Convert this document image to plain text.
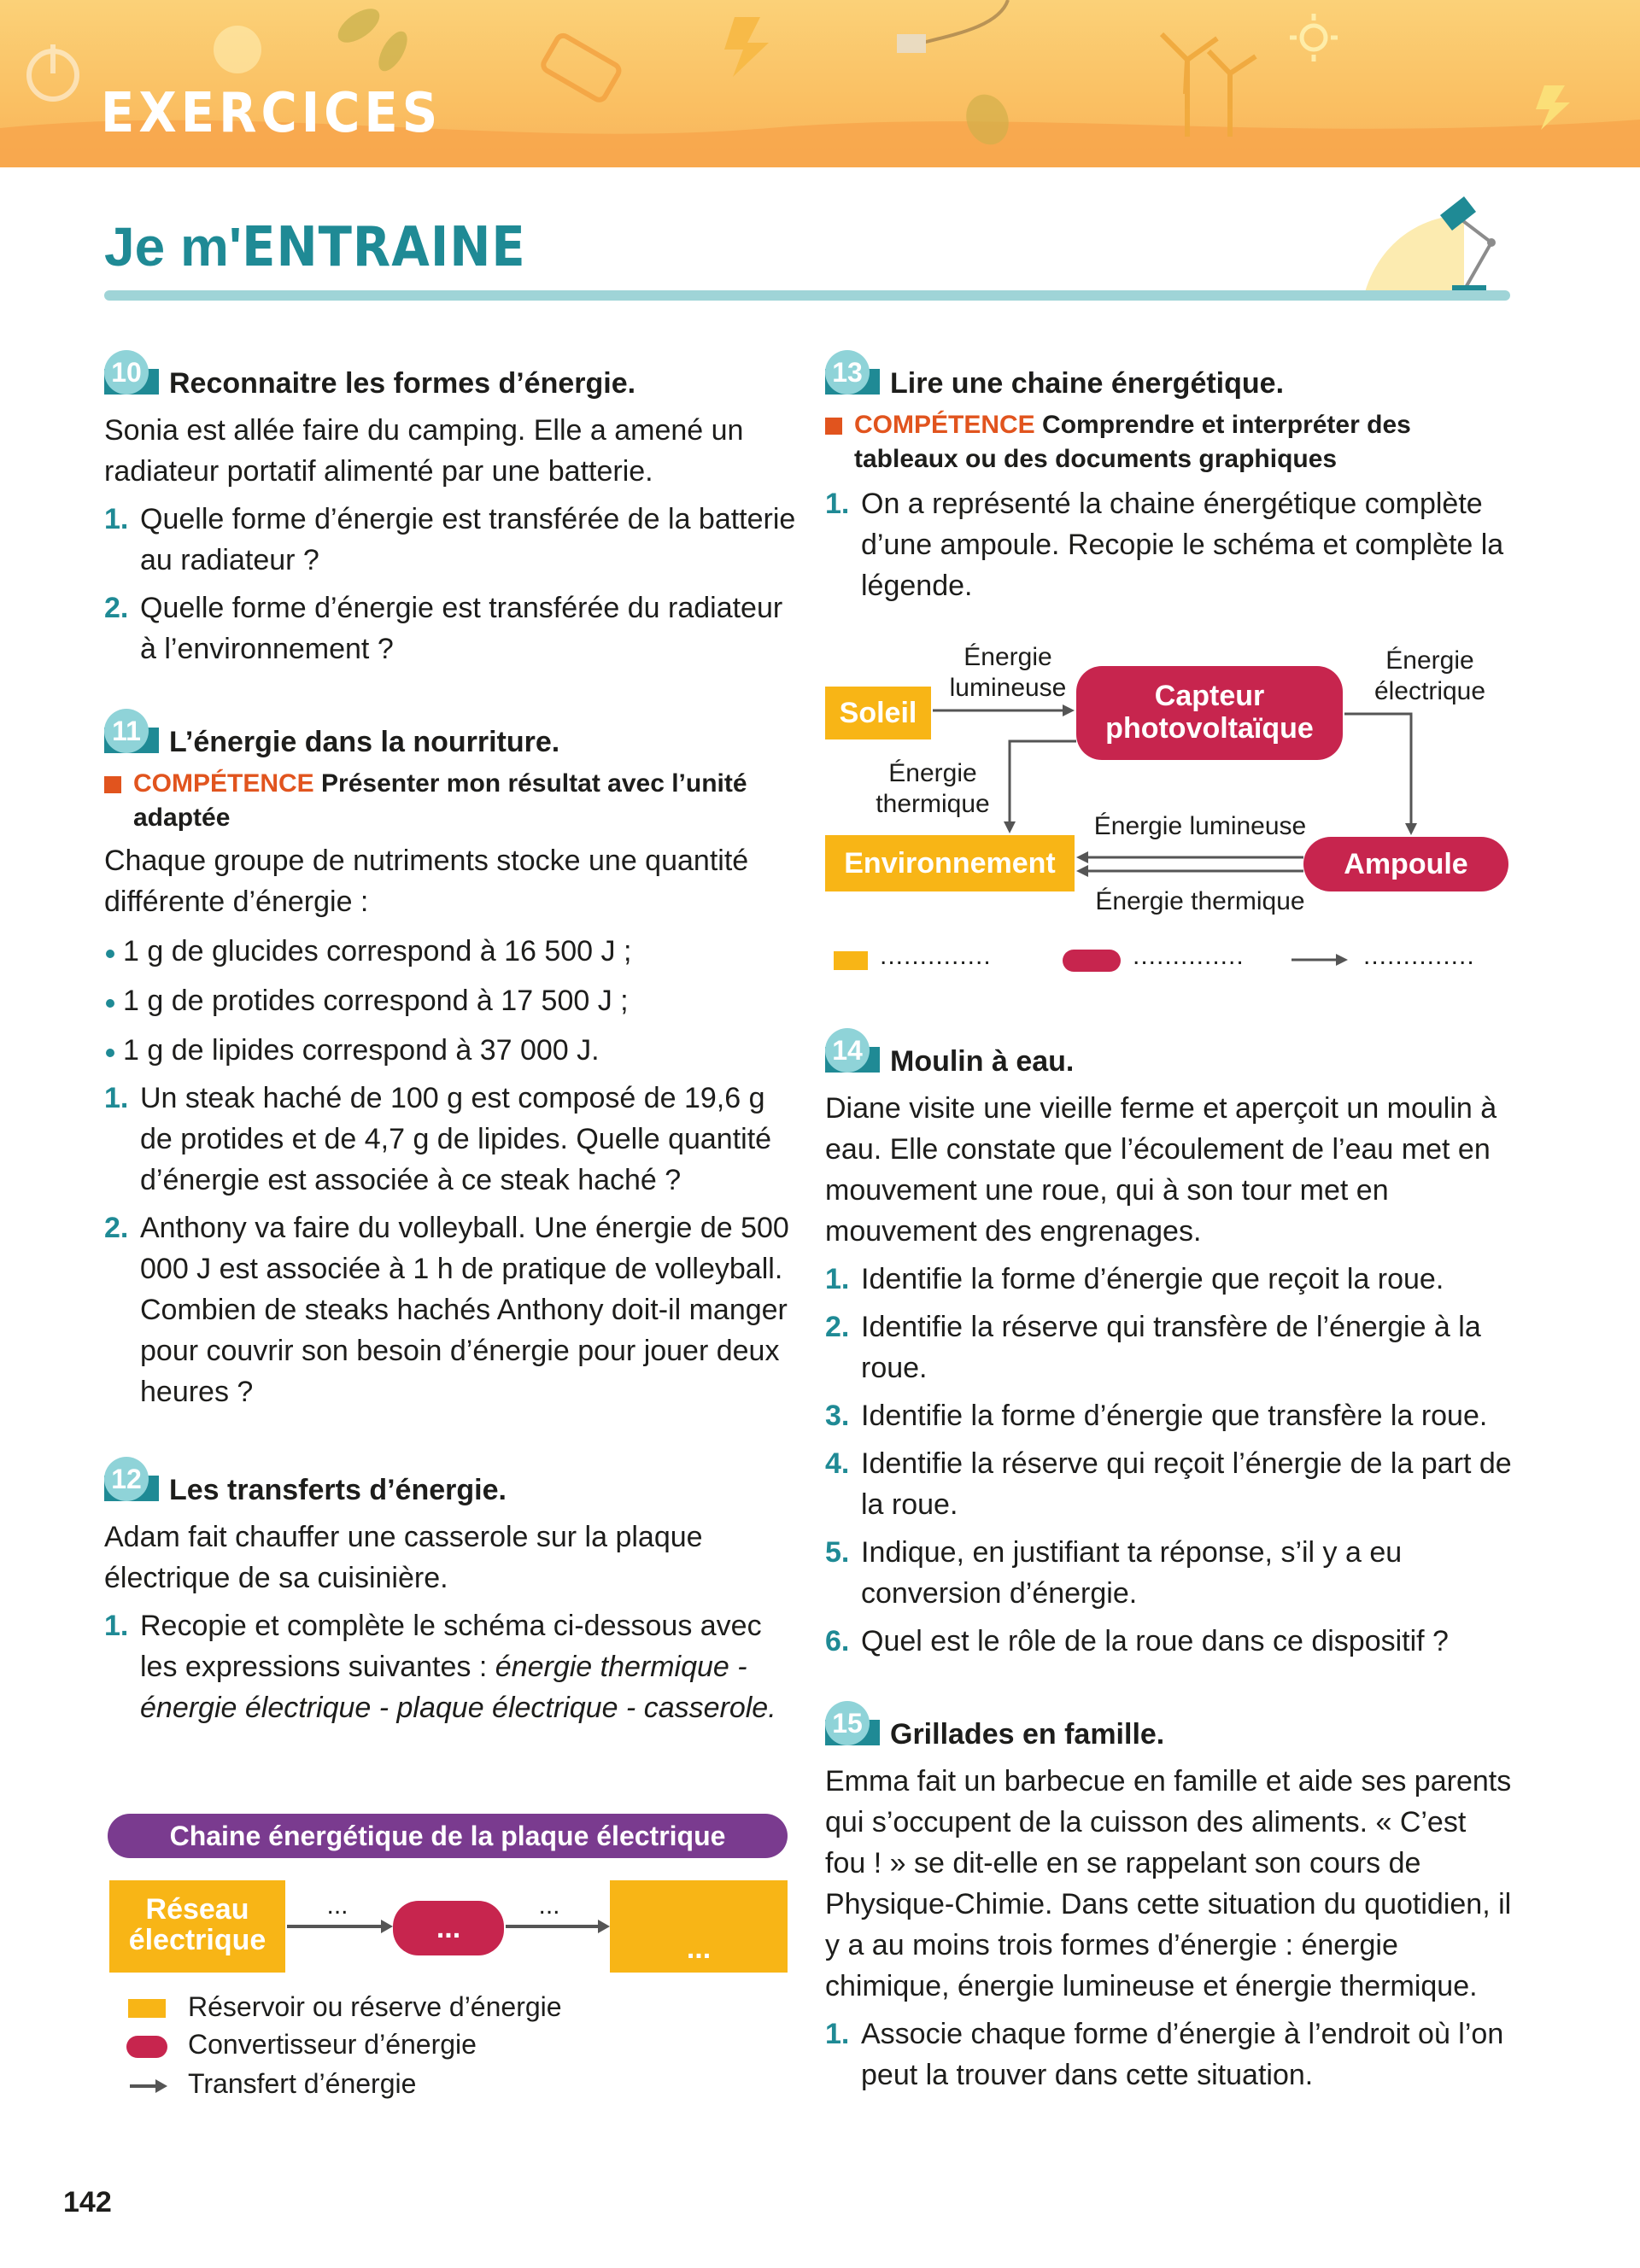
EXERCICES
Je m'ENTRAINE
10 Reconnaitre les formes d’énergie.

Sonia est allée faire du camping. Elle a amené un radiateur portatif alimenté par une batterie.

1. Quelle forme d’énergie est transférée de la batterie au radiateur ?
2. Quelle forme d’énergie est transférée du radiateur à l’environnement ?
11 L’énergie dans la nourriture.
COMPÉTENCE Présenter mon résultat avec l’unité adaptée

Chaque groupe de nutriments stocke une quantité différente d’énergie :

1 g de glucides correspond à 16 500 J ;
1 g de protides correspond à 17 500 J ;
1 g de lipides correspond à 37 000 J.
1. Un steak haché de 100 g est composé de 19,6 g de protides et de 4,7 g de lipides. Quelle quantité d’énergie est associée à ce steak haché ?
2. Anthony va faire du volleyball. Une énergie de 500 000 J est associée à 1 h de pratique de volleyball. Combien de steaks hachés Anthony doit-il manger pour couvrir son besoin d’énergie pour jouer deux heures ?
12 Les transferts d’énergie.

Adam fait chauffer une casserole sur la plaque électrique de sa cuisinière.

1. Recopie et complète le schéma ci-dessous avec les expressions suivantes : énergie thermique - énergie électrique - plaque électrique - casserole.
Chaine énergétique de la plaque électrique
Réseau électrique	...
...
...	...
Réservoir ou réserve d’énergie
Convertisseur d’énergie
Transfert d’énergie
13 Lire une chaine énergétique.
COMPÉTENCE Comprendre et interpréter des tableaux ou des documents graphiques
1. On a représenté la chaine énergétique complète d’une ampoule. Recopie le schéma et complète la légende.
Soleil
Capteur photovoltaïque
Environnement	Ampoule
Énergie lumineuse
Énergie électrique
Énergie thermique
Énergie lumineuse
Énergie thermique
..............	..............	..............
14 Moulin à eau.

Diane visite une vieille ferme et aperçoit un moulin à eau. Elle constate que l’écoulement de l’eau met en mouvement une roue, qui à son tour met en mouvement des engrenages.

1. Identifie la forme d’énergie que reçoit la roue.
2. Identifie la réserve qui transfère de l’énergie à la roue.
3. Identifie la forme d’énergie que transfère la roue.
4. Identifie la réserve qui reçoit l’énergie de la part de la roue.
5. Indique, en justifiant ta réponse, s’il y a eu conversion d’énergie.
6. Quel est le rôle de la roue dans ce dispositif ?
15 Grillades en famille.

Emma fait un barbecue en famille et aide ses parents qui s’occupent de la cuisson des aliments. « C’est fou ! » se dit-elle en se rappelant son cours de Physique-Chimie. Dans cette situation du quotidien, il y a au moins trois formes d’énergie : énergie chimique, énergie lumineuse et énergie thermique.

1. Associe chaque forme d’énergie à l’endroit où l’on peut la trouver dans cette situation.
142
